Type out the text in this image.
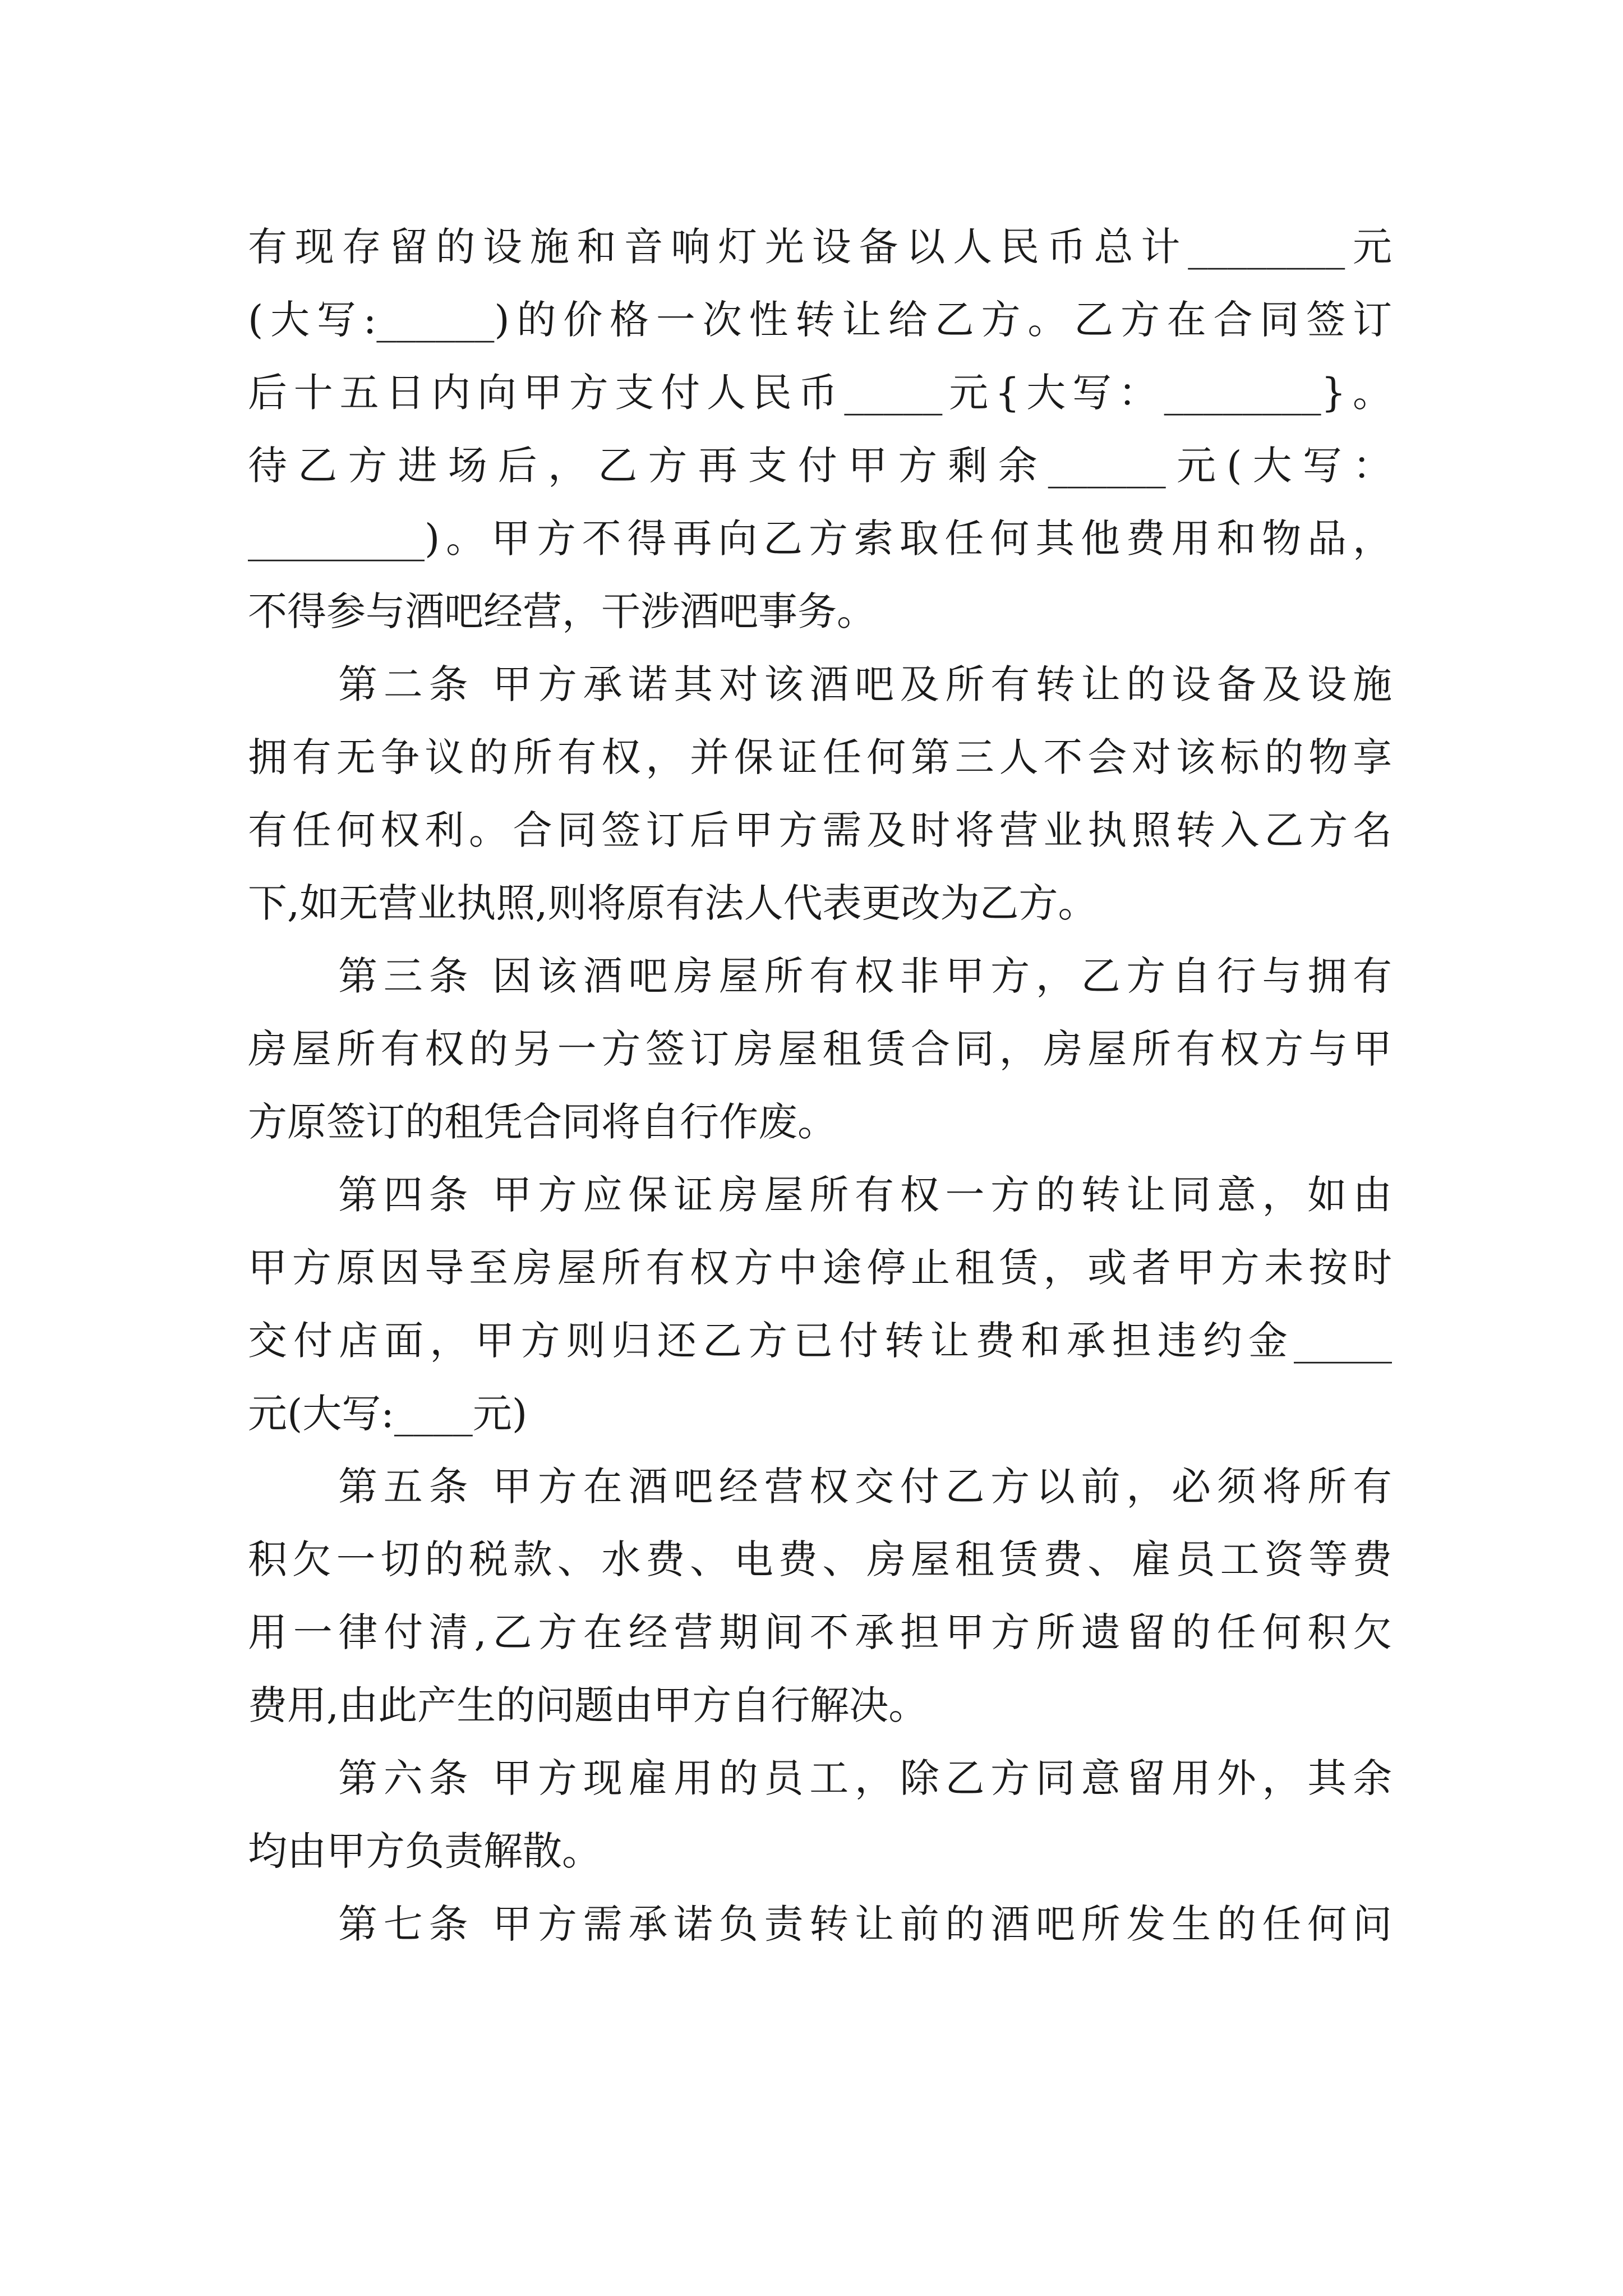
有现存留的设施和音响灯光设备以人民币总计________元
(大写:______)的价格一次性转让给乙方。乙方在合同签订
后十五日内向甲方支付人民币_____元{大写：________}。
待乙方进场后，乙方再支付甲方剩余______元(大写：
_________)。甲方不得再向乙方索取任何其他费用和物品，
不得参与酒吧经营，干涉酒吧事务。
第二条 甲方承诺其对该酒吧及所有转让的设备及设施
拥有无争议的所有权，并保证任何第三人不会对该标的物享
有任何权利。合同签订后甲方需及时将营业执照转入乙方名
下,如无营业执照,则将原有法人代表更改为乙方。
第三条 因该酒吧房屋所有权非甲方，乙方自行与拥有
房屋所有权的另一方签订房屋租赁合同，房屋所有权方与甲
方原签订的租凭合同将自行作废。
第四条 甲方应保证房屋所有权一方的转让同意，如由
甲方原因导至房屋所有权方中途停止租赁，或者甲方未按时
交付店面，甲方则归还乙方已付转让费和承担违约金_____
元(大写:____元)
第五条 甲方在酒吧经营权交付乙方以前，必须将所有
积欠一切的税款、水费、电费、房屋租赁费、雇员工资等费
用一律付清,乙方在经营期间不承担甲方所遗留的任何积欠
费用,由此产生的问题由甲方自行解决。
第六条 甲方现雇用的员工，除乙方同意留用外，其余
均由甲方负责解散。
第七条 甲方需承诺负责转让前的酒吧所发生的任何问
